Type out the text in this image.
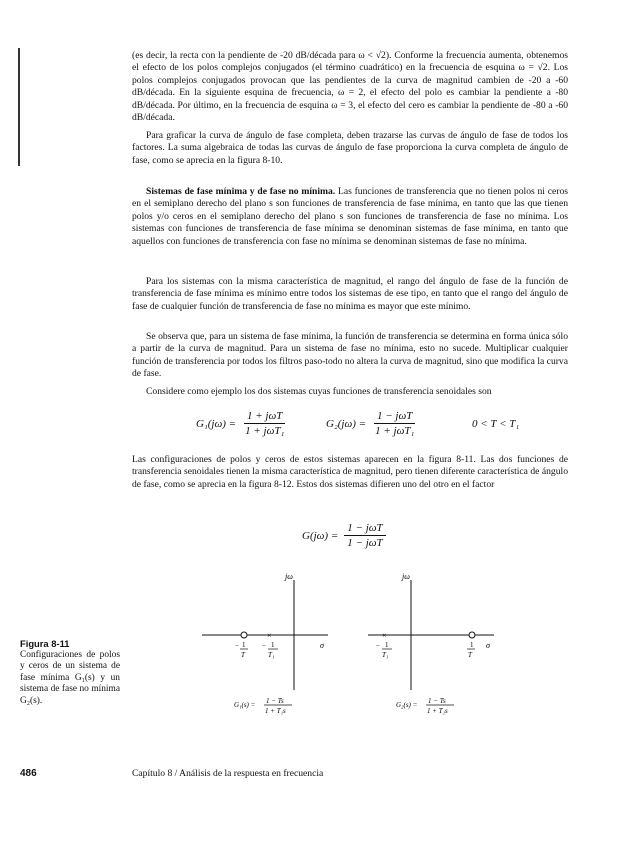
(es decir, la recta con la pendiente de -20 dB/década para ω < √2). Conforme la frecuencia aumenta, obtenemos el efecto de los polos complejos conjugados (el término cuadrático) en la frecuencia de esquina ω = √2. Los polos complejos conjugados provocan que las pendientes de la curva de magnitud cambien de -20 a -60 dB/década. En la siguiente esquina de frecuencia, ω = 2, el efecto del polo es cambiar la pendiente a -80 dB/década. Por último, en la frecuencia de esquina ω = 3, el efecto del cero es cambiar la pendiente de -80 a -60 dB/década.

Para graficar la curva de ángulo de fase completa, deben trazarse las curvas de ángulo de fase de todos los factores. La suma algebraica de todas las curvas de ángulo de fase proporciona la curva completa de ángulo de fase, como se aprecia en la figura 8-10.

Sistemas de fase mínima y de fase no mínima. Las funciones de transferencia que no tienen polos ni ceros en el semiplano derecho del plano s son funciones de transferencia de fase mínima, en tanto que las que tienen polos y/o ceros en el semiplano derecho del plano s son funciones de transferencia de fase no mínima. Los sistemas con funciones de transferencia de fase mínima se denominan sistemas de fase mínima, en tanto que aquellos con funciones de transferencia con fase no mínima se denominan sistemas de fase no mínima.

Para los sistemas con la misma característica de magnitud, el rango del ángulo de fase de la función de transferencia de fase mínima es mínimo entre todos los sistemas de ese tipo, en tanto que el rango del ángulo de fase de cualquier función de transferencia de fase no mínima es mayor que este mínimo.

Se observa que, para un sistema de fase mínima, la función de transferencia se determina en forma única sólo a partir de la curva de magnitud. Para un sistema de fase no mínima, esto no sucede. Multiplicar cualquier función de transferencia por todos los filtros paso-todo no altera la curva de magnitud, sino que modifica la curva de fase.

Considere como ejemplo los dos sistemas cuyas funciones de transferencia senoidales son

$G_1(j\omega) = \frac{\text{1 + jωT}}{\text{1 + jωT₁}}$	$G_2(j\omega) = \frac{\text{1 − jωT}}{\text{1 + jωT₁}}$	0 < T < T₁

Las configuraciones de polos y ceros de estos sistemas aparecen en la figura 8-11. Las dos funciones de transferencia senoidales tienen la misma característica de magnitud, pero tienen diferente característica de ángulo de fase, como se aprecia en la figura 8-12. Estos dos sistemas difieren uno del otro en el factor

$G(j\omega) = \frac{\text{1 − jωT}}{\text{1 − jωT}}$
jω
σ
×
− 1
T
− 1
T₁
G₁(s) = 1 − Ts
1 + T₁s
jω
σ
×
− 1
T₁
1
T
G₂(s) = 1 − Ts
1 + T₁s
Figura 8-11
Configuraciones de polos y ceros de un sistema de fase mínima G₁(s) y un sistema de fase no mínima G₂(s).
486	Capítulo 8 / Análisis de la respuesta en frecuencia
